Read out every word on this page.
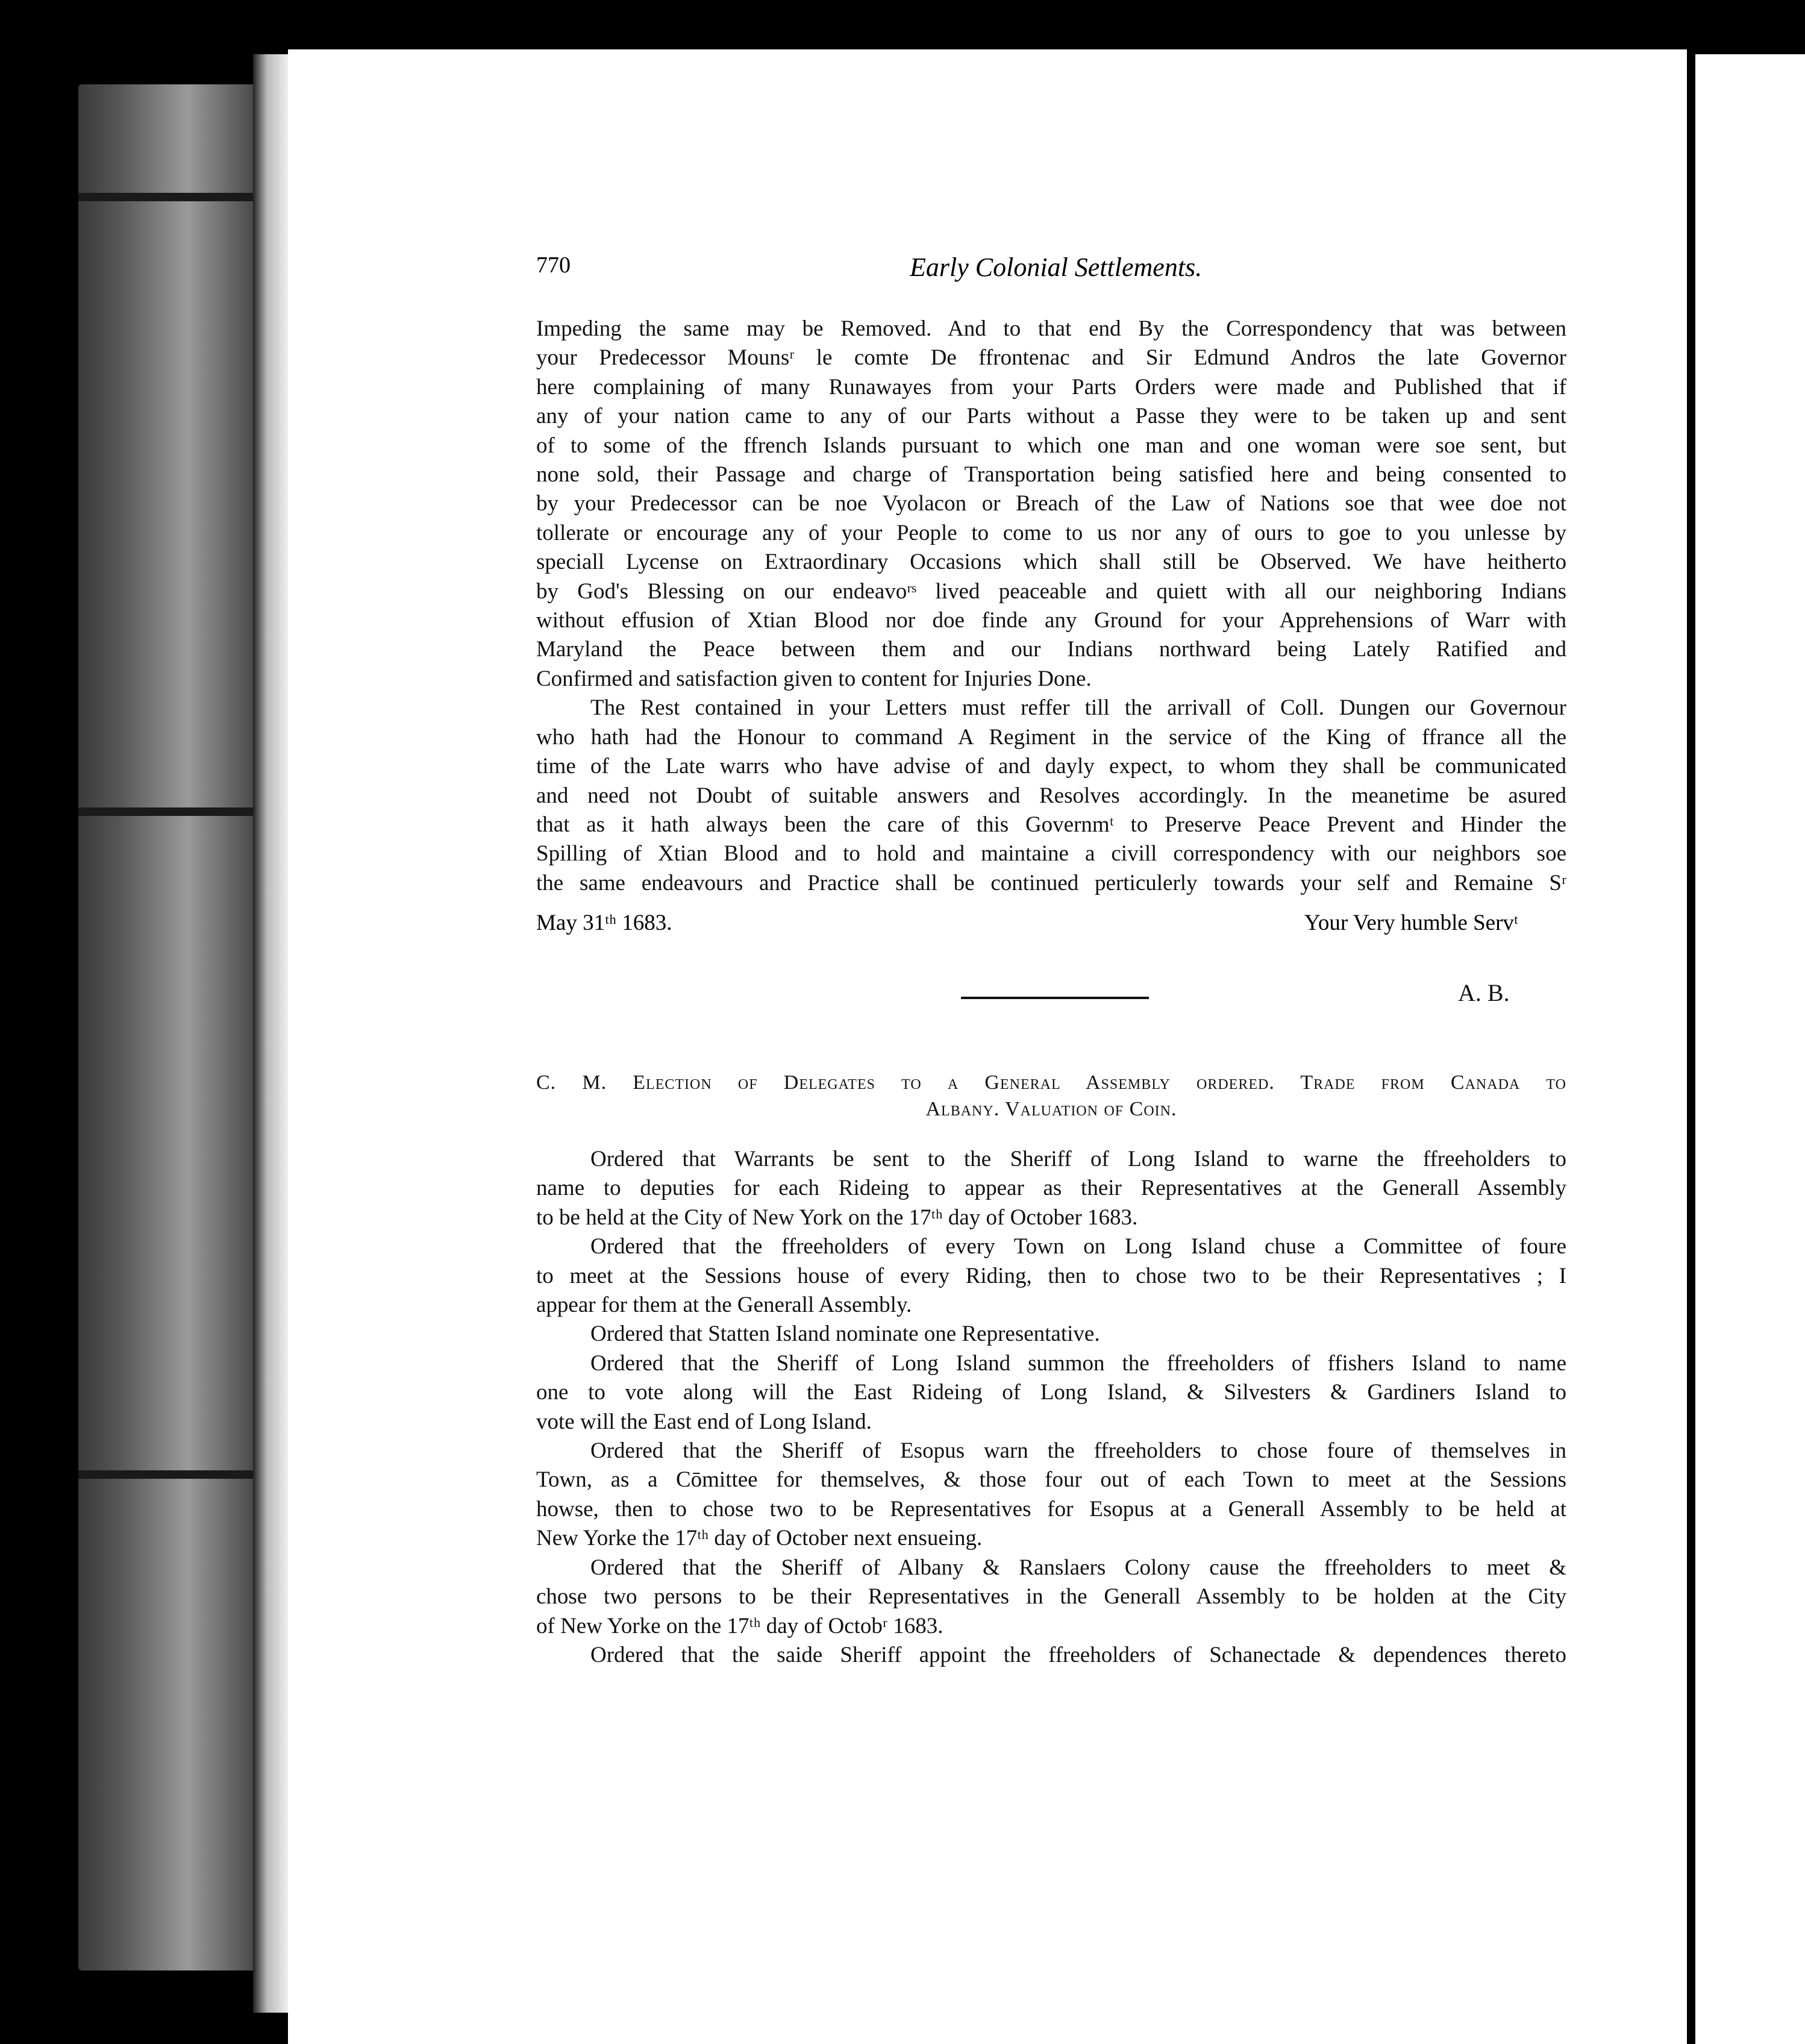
770	Early Colonial Settlements.

Impeding the same may be Removed. And to that end By the Correspondency that was between

your Predecessor Mounsʳ le comte De ffrontenac and Sir Edmund Andros the late Governor

here complaining of many Runawayes from your Parts Orders were made and Published that if

any of your nation came to any of our Parts without a Passe they were to be taken up and sent

of to some of the ffrench Islands pursuant to which one man and one woman were soe sent, but

none sold, their Passage and charge of Transportation being satisfied here and being consented to

by your Predecessor can be noe Vyolacon or Breach of the Law of Nations soe that wee doe not

tollerate or encourage any of your People to come to us nor any of ours to goe to you unlesse by

speciall Lycense on Extraordinary Occasions which shall still be Observed. We have heitherto

by God's Blessing on our endeavoʳˢ lived peaceable and quiett with all our neighboring Indians

without effusion of Xtian Blood nor doe finde any Ground for your Apprehensions of Warr with

Maryland the Peace between them and our Indians northward being Lately Ratified and

Confirmed and satisfaction given to content for Injuries Done.

The Rest contained in your Letters must reffer till the arrivall of Coll. Dungen our Governour

who hath had the Honour to command A Regiment in the service of the King of ffrance all the

time of the Late warrs who have advise of and dayly expect, to whom they shall be communicated

and need not Doubt of suitable answers and Resolves accordingly. In the meanetime be asured

that as it hath always been the care of this Governmᵗ to Preserve Peace Prevent and Hinder the

Spilling of Xtian Blood and to hold and maintaine a civill correspondency with our neighbors soe

the same endeavours and Practice shall be continued perticulerly towards your self and Remaine Sʳ

May 31ᵗʰ 1683.	Your Very humble Servᵗ
A. B.
C. M. Election of Delegates to a General Assembly ordered. Trade from Canada to
Albany. Valuation of Coin.

Ordered that Warrants be sent to the Sheriff of Long Island to warne the ffreeholders to

name to deputies for each Rideing to appear as their Representatives at the Generall Assembly

to be held at the City of New York on the 17ᵗʰ day of October 1683.

Ordered that the ffreeholders of every Town on Long Island chuse a Committee of foure

to meet at the Sessions house of every Riding, then to chose two to be their Representatives ; I

appear for them at the Generall Assembly.

Ordered that Statten Island nominate one Representative.

Ordered that the Sheriff of Long Island summon the ffreeholders of ffishers Island to name

one to vote along will the East Rideing of Long Island, & Silvesters & Gardiners Island to

vote will the East end of Long Island.

Ordered that the Sheriff of Esopus warn the ffreeholders to chose foure of themselves in

Town, as a Cōmittee for themselves, & those four out of each Town to meet at the Sessions

howse, then to chose two to be Representatives for Esopus at a Generall Assembly to be held at

New Yorke the 17ᵗʰ day of October next ensueing.

Ordered that the Sheriff of Albany & Ranslaers Colony cause the ffreeholders to meet &

chose two persons to be their Representatives in the Generall Assembly to be holden at the City

of New Yorke on the 17ᵗʰ day of Octobʳ 1683.

Ordered that the saide Sheriff appoint the ffreeholders of Schanectade & dependences thereto
